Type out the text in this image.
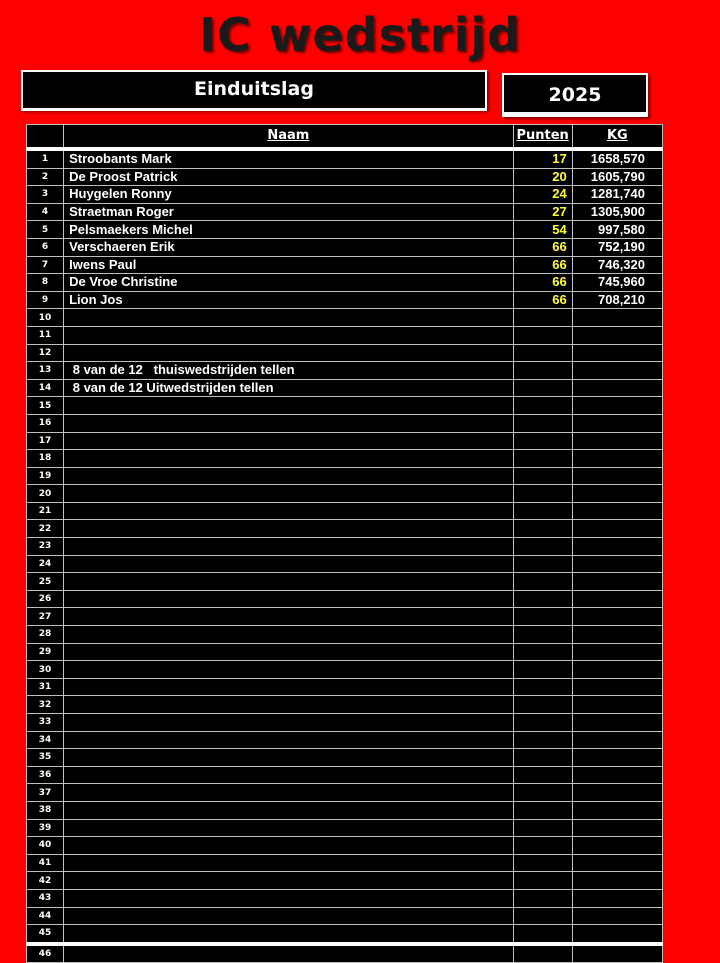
IC wedstrijd
Einduitslag	2025
	Naam	Punten	KG
1	Stroobants Mark	17	1658,570
2	De Proost Patrick	20	1605,790
3	Huygelen Ronny	24	1281,740
4	Straetman Roger	27	1305,900
5	Pelsmaekers Michel	54	997,580
6	Verschaeren Erik	66	752,190
7	Iwens Paul	66	746,320
8	De Vroe Christine	66	745,960
9	Lion Jos	66	708,210
10			
11			
12			
13	8 van de 12   thuiswedstrijden tellen		
14	8 van de 12 Uitwedstrijden tellen		
15			
16			
17			
18			
19			
20			
21			
22			
23			
24			
25			
26			
27			
28			
29			
30			
31			
32			
33			
34			
35			
36			
37			
38			
39			
40			
41			
42			
43			
44			
45			
46			
